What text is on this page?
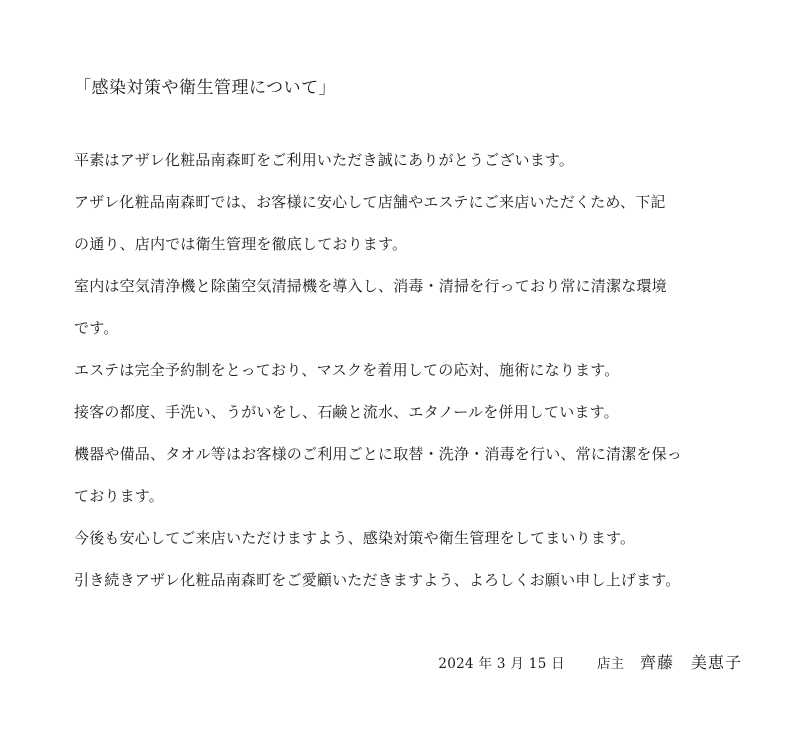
「感染対策や衛生管理について」

平素はアザレ化粧品南森町をご利用いただき誠にありがとうございます。

アザレ化粧品南森町では、お客様に安心して店舗やエステにご来店いただくため、下記

の通り、店内では衛生管理を徹底しております。

室内は空気清浄機と除菌空気清掃機を導入し、消毒・清掃を行っており常に清潔な環境

です。

エステは完全予約制をとっており、マスクを着用しての応対、施術になります。

接客の都度、手洗い、うがいをし、石鹸と流水、エタノールを併用しています。

機器や備品、タオル等はお客様のご利用ごとに取替・洗浄・消毒を行い、常に清潔を保っ

ております。

今後も安心してご来店いただけますよう、感染対策や衛生管理をしてまいります。

引き続きアザレ化粧品南森町をご愛顧いただきますよう、よろしくお願い申し上げます。

2024 年 3 月 15 日 店主 齊藤　美恵子
